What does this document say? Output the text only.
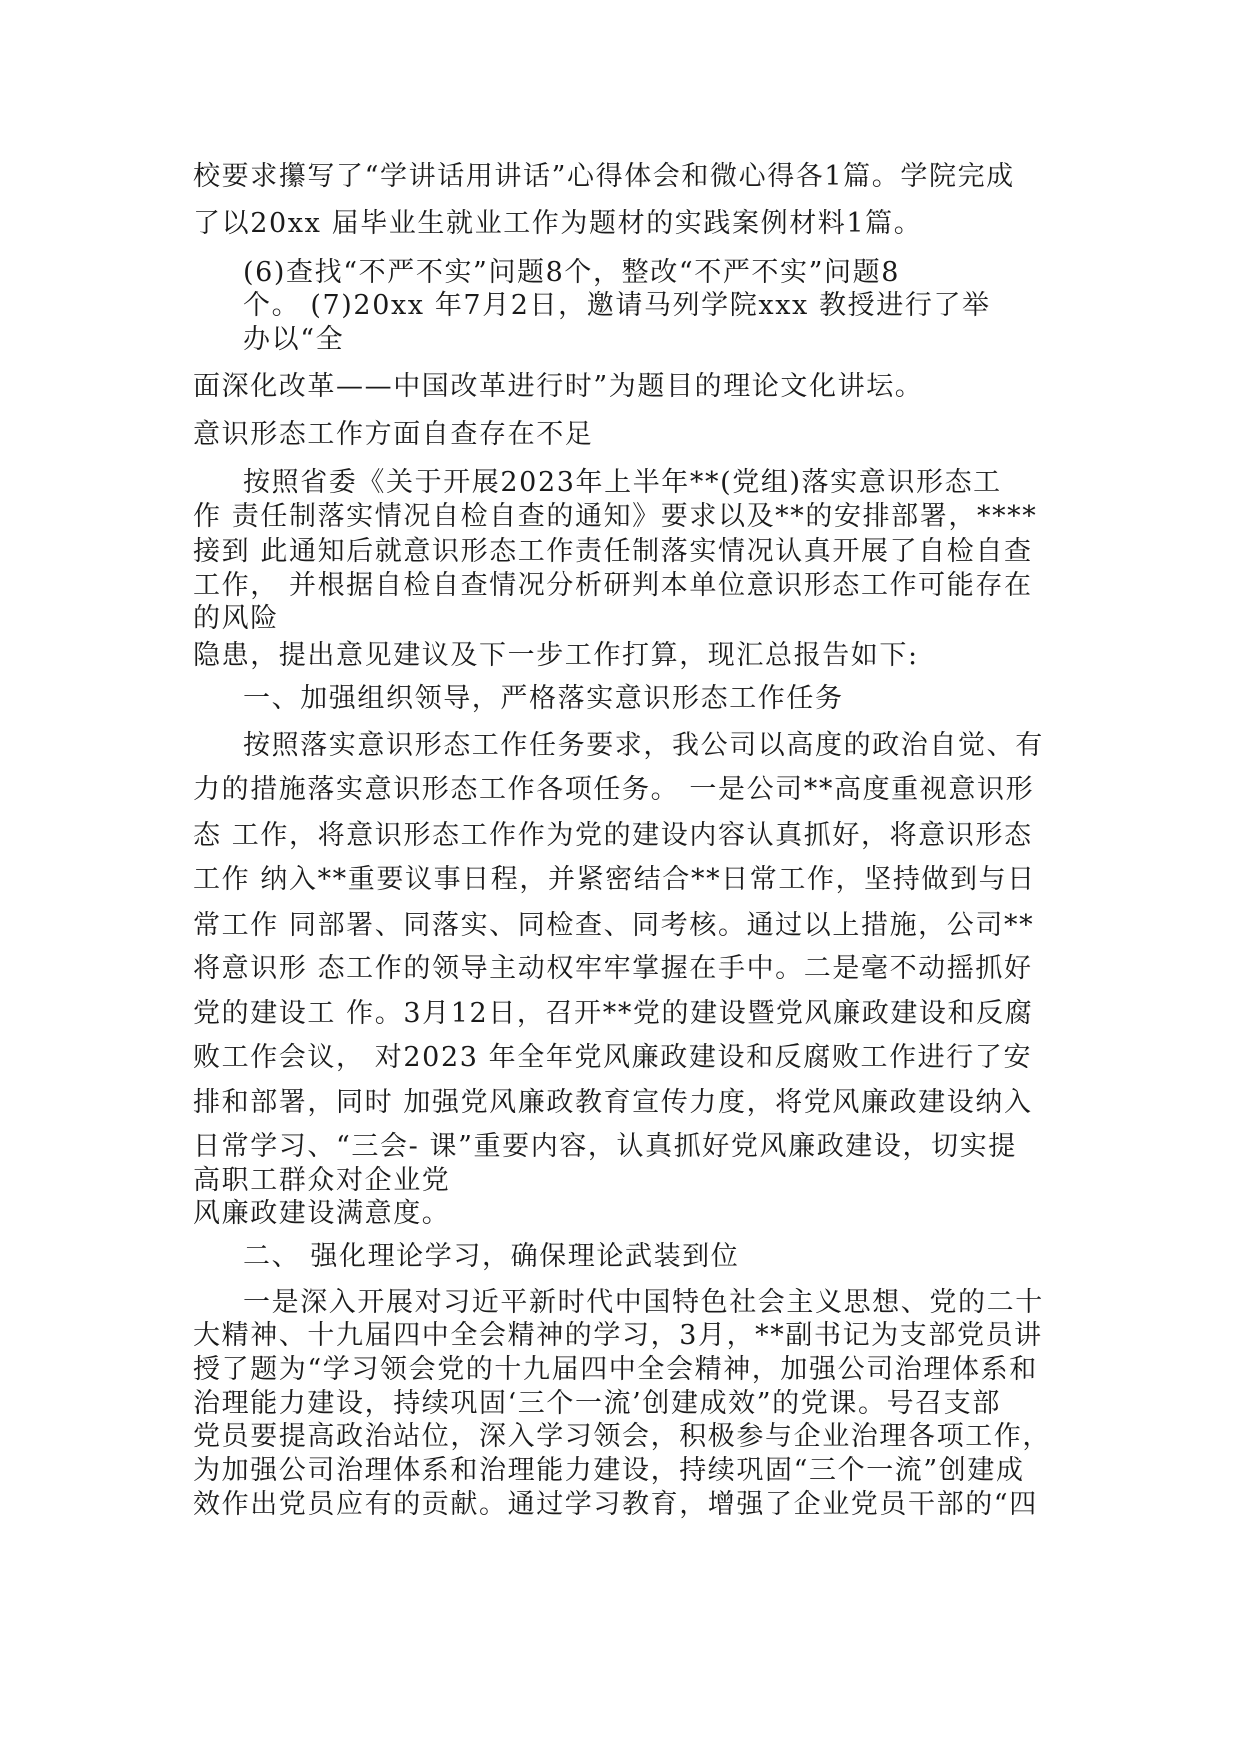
校要求攥写了“学讲话用讲话”心得体会和微心得各1篇。学院完成
了以20xx 届毕业生就业工作为题材的实践案例材料1篇。
(6)查找“不严不实”问题8个，整改“不严不实”问题8
个。 (7)20xx 年7月2日，邀请马列学院xxx 教授进行了举
办以“全
面深化改革——中国改革进行时”为题目的理论文化讲坛。
意识形态工作方面自查存在不足
按照省委《关于开展2023年上半年**(党组)落实意识形态工
作 责任制落实情况自检自查的通知》要求以及**的安排部署，****
接到 此通知后就意识形态工作责任制落实情况认真开展了自检自查
工作， 并根据自检自查情况分析研判本单位意识形态工作可能存在
的风险
隐患，提出意见建议及下一步工作打算，现汇总报告如下:
一、加强组织领导，严格落实意识形态工作任务
按照落实意识形态工作任务要求，我公司以高度的政治自觉、有
力的措施落实意识形态工作各项任务。 一是公司**高度重视意识形
态 工作，将意识形态工作作为党的建设内容认真抓好，将意识形态
工作 纳入**重要议事日程，并紧密结合**日常工作，坚持做到与日
常工作 同部署、同落实、同检查、同考核。通过以上措施，公司**
将意识形 态工作的领导主动权牢牢掌握在手中。二是毫不动摇抓好
党的建设工 作。3月12日，召开**党的建设暨党风廉政建设和反腐
败工作会议， 对2023 年全年党风廉政建设和反腐败工作进行了安
排和部署，同时 加强党风廉政教育宣传力度，将党风廉政建设纳入
日常学习、“三会- 课”重要内容，认真抓好党风廉政建设，切实提
高职工群众对企业党
风廉政建设满意度。
二、 强化理论学习，确保理论武装到位
一是深入开展对习近平新时代中国特色社会主义思想、党的二十
大精神、十九届四中全会精神的学习，3月，**副书记为支部党员讲
授了题为“学习领会党的十九届四中全会精神，加强公司治理体系和
治理能力建设，持续巩固‘三个一流’创建成效”的党课。号召支部
党员要提高政治站位，深入学习领会，积极参与企业治理各项工作，
为加强公司治理体系和治理能力建设，持续巩固“三个一流”创建成
效作出党员应有的贡献。通过学习教育，增强了企业党员干部的“四
